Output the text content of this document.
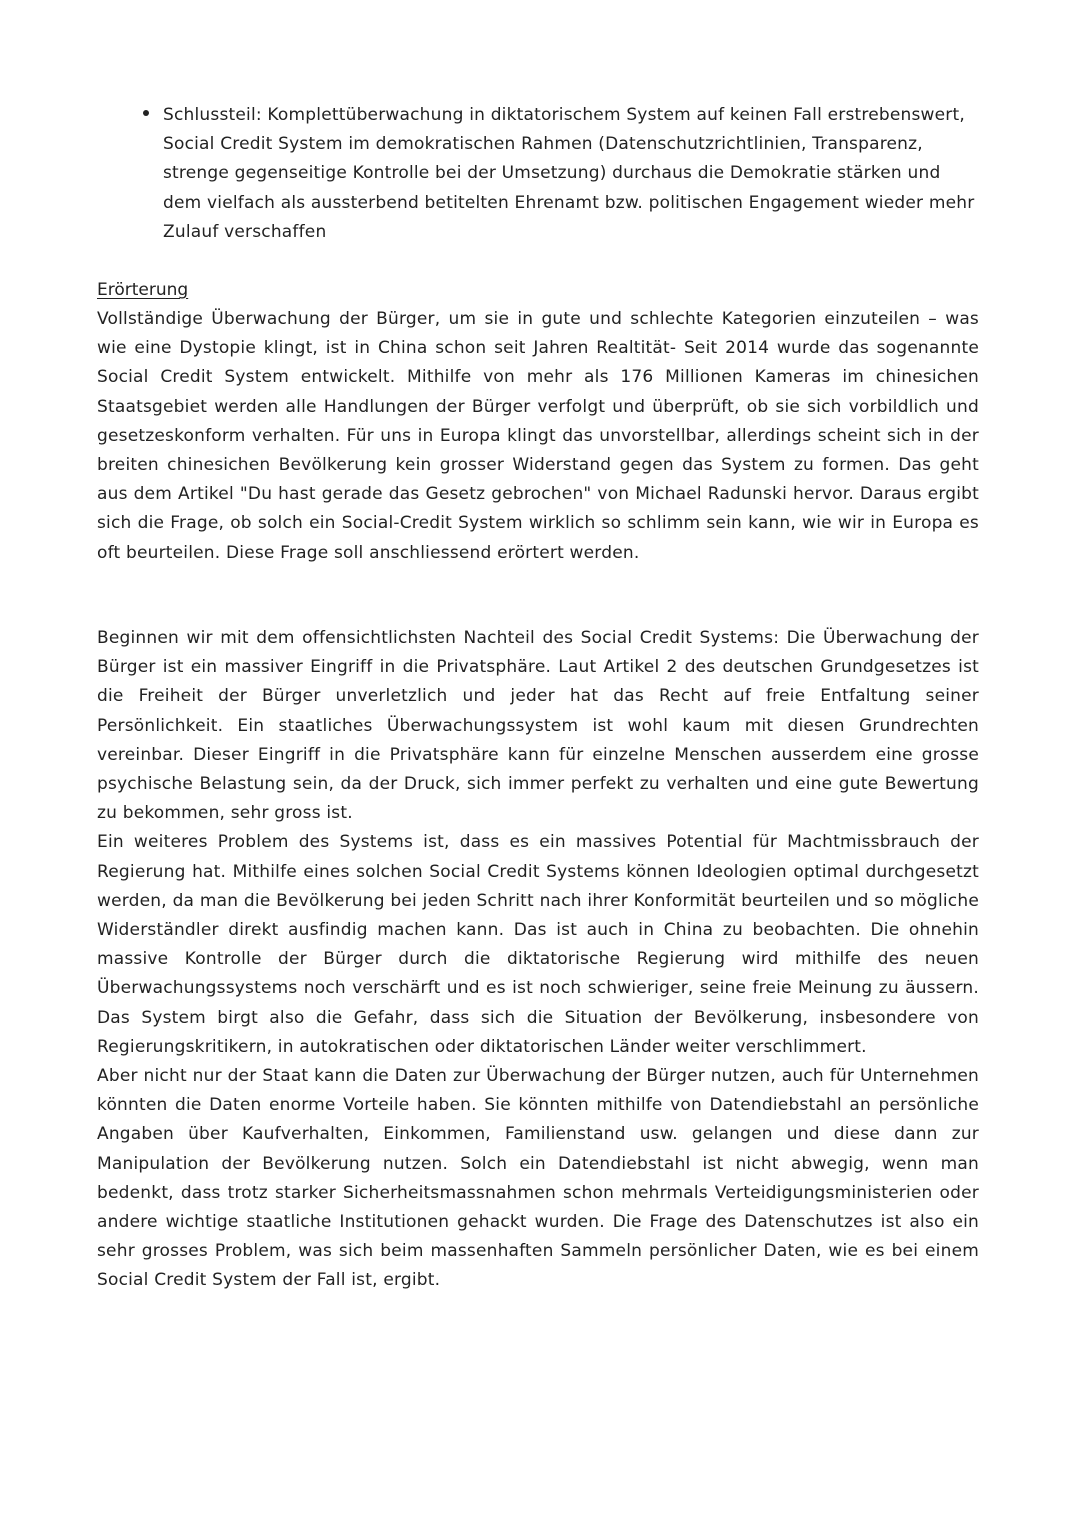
Schlussteil: Komplettüberwachung in diktatorischem System auf keinen Fall erstrebenswert, Social Credit System im demokratischen Rahmen (Datenschutzrichtlinien, Transparenz, strenge gegenseitige Kontrolle bei der Umsetzung) durchaus die Demokratie stärken und dem vielfach als aussterbend betitelten Ehrenamt bzw. politischen Engagement wieder mehr Zulauf verschaffen
Erörterung

Vollständige Überwachung der Bürger, um sie in gute und schlechte Kategorien einzuteilen – was wie eine Dystopie klingt, ist in China schon seit Jahren Realtität- Seit 2014 wurde das sogenannte Social Credit System entwickelt. Mithilfe von mehr als 176 Millionen Kameras im chinesichen Staatsgebiet werden alle Handlungen der Bürger verfolgt und überprüft, ob sie sich vorbildlich und gesetzeskonform verhalten. Für uns in Europa klingt das unvorstellbar, allerdings scheint sich in der breiten chinesichen Bevölkerung kein grosser Widerstand gegen das System zu formen. Das geht aus dem Artikel "Du hast gerade das Gesetz gebrochen" von Michael Radunski hervor. Daraus ergibt sich die Frage, ob solch ein Social-Credit System wirklich so schlimm sein kann, wie wir in Europa es oft beurteilen. Diese Frage soll anschliessend erörtert werden.

Beginnen wir mit dem offensichtlichsten Nachteil des Social Credit Systems: Die Überwachung der Bürger ist ein massiver Eingriff in die Privatsphäre. Laut Artikel 2 des deutschen Grundgesetzes ist die Freiheit der Bürger unverletzlich und jeder hat das Recht auf freie Entfaltung seiner Persönlichkeit. Ein staatliches Überwachungssystem ist wohl kaum mit diesen Grundrechten vereinbar. Dieser Eingriff in die Privatsphäre kann für einzelne Menschen ausserdem eine grosse psychische Belastung sein, da der Druck, sich immer perfekt zu verhalten und eine gute Bewertung zu bekommen, sehr gross ist.

Ein weiteres Problem des Systems ist, dass es ein massives Potential für Machtmissbrauch der Regierung hat. Mithilfe eines solchen Social Credit Systems können Ideologien optimal durchgesetzt werden, da man die Bevölkerung bei jeden Schritt nach ihrer Konformität beurteilen und so mögliche Widerständler direkt ausfindig machen kann. Das ist auch in China zu beobachten. Die ohnehin massive Kontrolle der Bürger durch die diktatorische Regierung wird mithilfe des neuen Überwachungssystems noch verschärft und es ist noch schwieriger, seine freie Meinung zu äussern. Das System birgt also die Gefahr, dass sich die Situation der Bevölkerung, insbesondere von Regierungskritikern, in autokratischen oder diktatorischen Länder weiter verschlimmert.

Aber nicht nur der Staat kann die Daten zur Überwachung der Bürger nutzen, auch für Unternehmen könnten die Daten enorme Vorteile haben. Sie könnten mithilfe von Datendiebstahl an persönliche Angaben über Kaufverhalten, Einkommen, Familienstand usw. gelangen und diese dann zur Manipulation der Bevölkerung nutzen. Solch ein Datendiebstahl ist nicht abwegig, wenn man bedenkt, dass trotz starker Sicherheitsmassnahmen schon mehrmals Verteidigungsministerien oder andere wichtige staatliche Institutionen gehackt wurden. Die Frage des Datenschutzes ist also ein sehr grosses Problem, was sich beim massenhaften Sammeln persönlicher Daten, wie es bei einem Social Credit System der Fall ist, ergibt.
